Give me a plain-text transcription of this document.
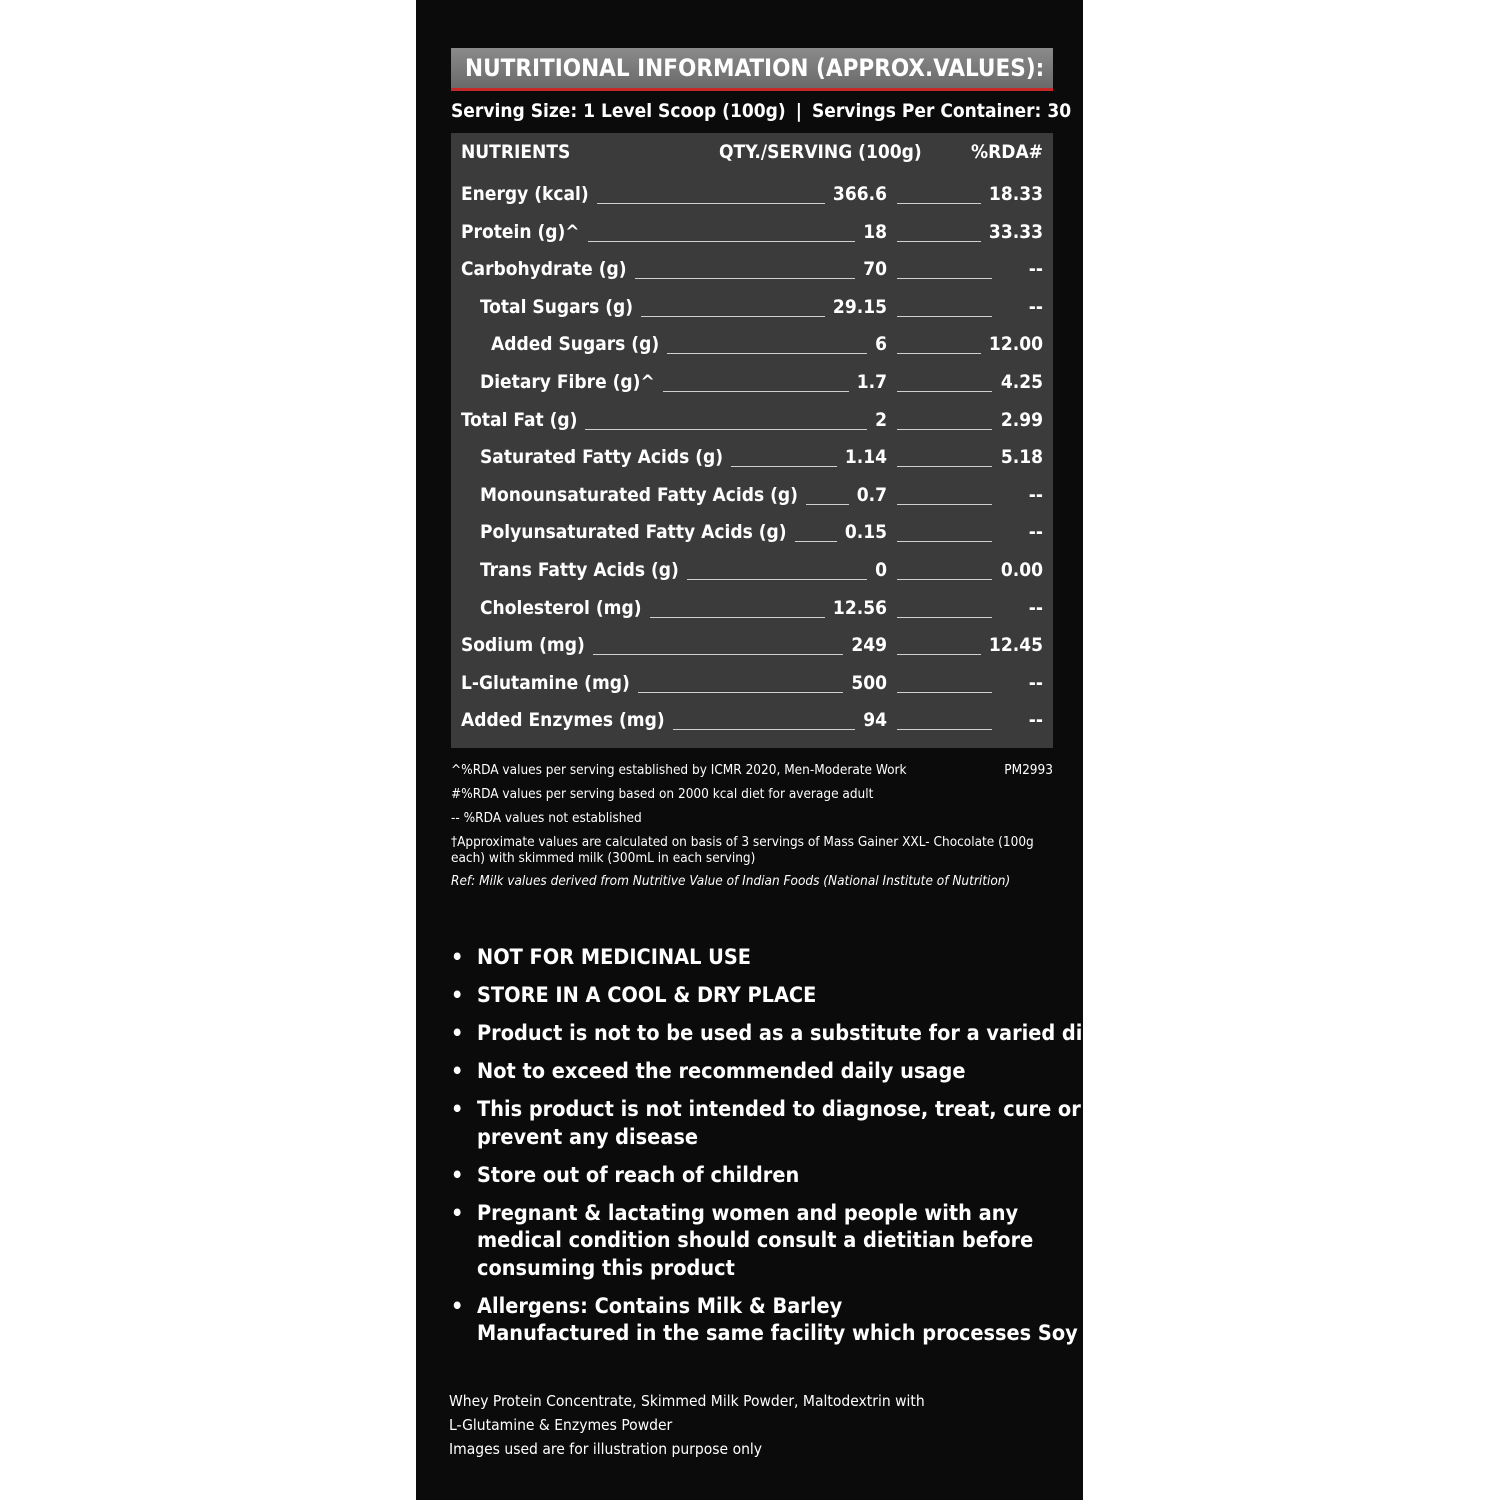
NUTRITIONAL INFORMATION (APPROX.VALUES):
Serving Size: 1 Level Scoop (100g) | Servings Per Container: 30
NUTRIENTS	QTY./SERVING (100g)	%RDA#
Energy (kcal)	366.6	18.33
Protein (g)^	18	33.33
Carbohydrate (g)	70	--
Total Sugars (g)	29.15	--
Added Sugars (g)	6	12.00
Dietary Fibre (g)^	1.7	4.25
Total Fat (g)	2	2.99
Saturated Fatty Acids (g)	1.14	5.18
Monounsaturated Fatty Acids (g)	0.7	--
Polyunsaturated Fatty Acids (g)	0.15	--
Trans Fatty Acids (g)	0	0.00
Cholesterol (mg)	12.56	--
Sodium (mg)	249	12.45
L-Glutamine (mg)	500	--
Added Enzymes (mg)	94	--
^%RDA values per serving established by ICMR 2020, Men-Moderate Work	PM2993
#%RDA values per serving based on 2000 kcal diet for average adult
-- %RDA values not established
†Approximate values are calculated on basis of 3 servings of Mass Gainer XXL- Chocolate (100g each) with skimmed milk (300mL in each serving)
Ref: Milk values derived from Nutritive Value of Indian Foods (National Institute of Nutrition)
• NOT FOR MEDICINAL USE
• STORE IN A COOL & DRY PLACE
• Product is not to be used as a substitute for a varied diet
• Not to exceed the recommended daily usage
• This product is not intended to diagnose, treat, cure or
prevent any disease
• Store out of reach of children
• Pregnant & lactating women and people with any
medical condition should consult a dietitian before
consuming this product
• Allergens: Contains Milk & Barley
Manufactured in the same facility which processes Soy
Whey Protein Concentrate, Skimmed Milk Powder, Maltodextrin with
L-Glutamine & Enzymes Powder
Images used are for illustration purpose only
